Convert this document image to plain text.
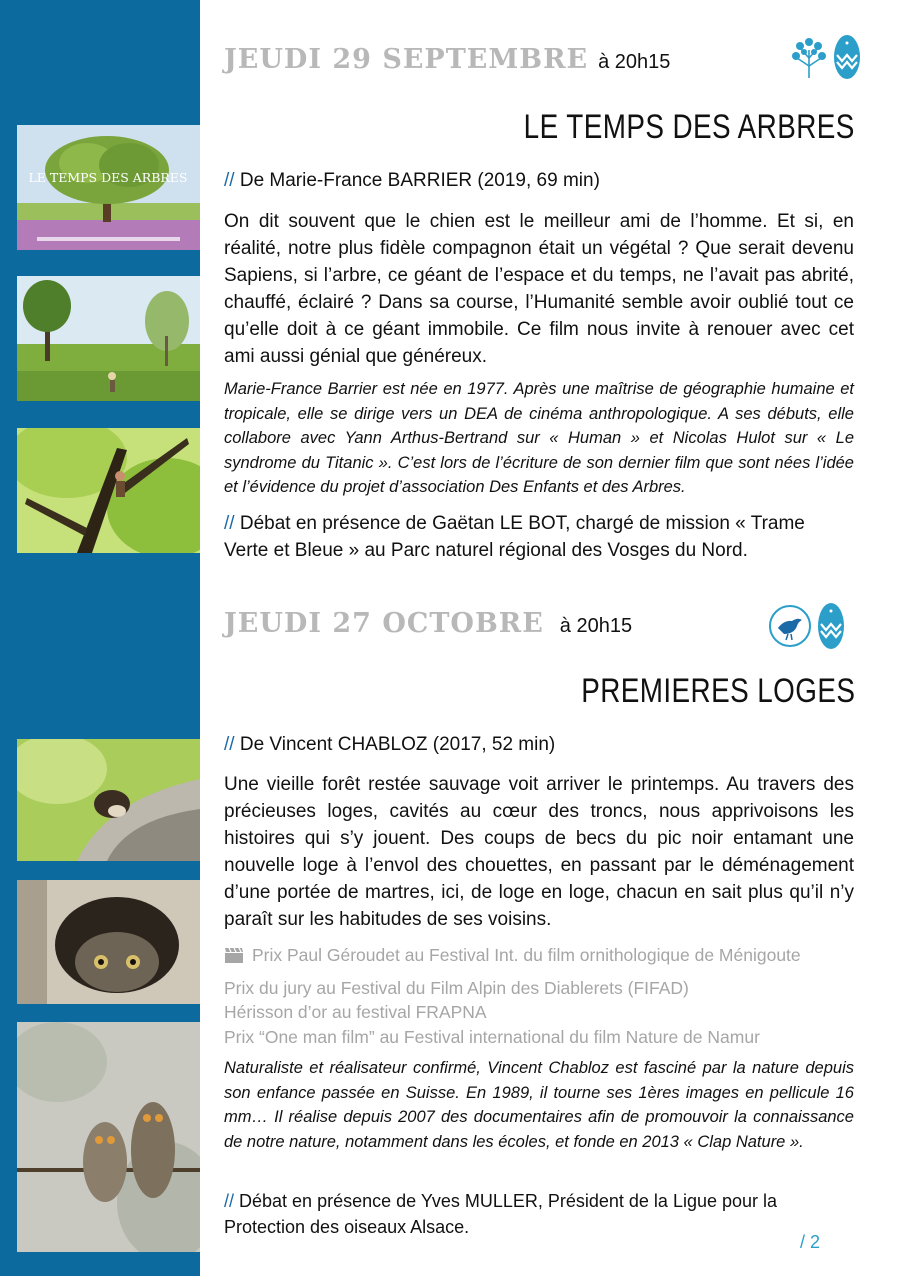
LE TEMPS DES ARBRES
JEUDI 29 SEPTEMBRE à 20h15
LE TEMPS DES ARBRES
// De Marie-France BARRIER (2019, 69 min)
On dit souvent que le chien est le meilleur ami de l’homme. Et si, en réalité, notre plus fidèle compagnon était un végétal ? Que serait devenu Sapiens, si l’arbre, ce géant de l’espace et du temps, ne l’avait pas abrité, chauffé, éclairé ? Dans sa course, l’Humanité semble avoir oublié tout ce qu’elle doit à ce géant immobile. Ce film nous invite à renouer avec cet ami aussi génial que généreux.
Marie-France Barrier est née en 1977. Après une maîtrise de géographie humaine et tropicale, elle se dirige vers un DEA de cinéma anthropologique. A ses débuts, elle collabore avec Yann Arthus-Bertrand sur « Human » et Nicolas Hulot sur « Le syndrome du Titanic ». C’est lors de l’écriture de son dernier film que sont nées l’idée et l’évidence du projet d’association Des Enfants et des Arbres.
// Débat en présence de Gaëtan LE BOT, chargé de mission « Trame Verte et Bleue » au Parc naturel régional des Vosges du Nord.
JEUDI 27 OCTOBRE à 20h15
PREMIERES LOGES
// De Vincent CHABLOZ (2017, 52 min)
Une vieille forêt restée sauvage voit arriver le printemps. Au travers des précieuses loges, cavités au cœur des troncs, nous apprivoisons les histoires qui s’y jouent. Des coups de becs du pic noir entamant une nouvelle loge à l’envol des chouettes, en passant par le déménagement d’une portée de martres, ici, de loge en loge, chacun en sait plus qu’il n’y paraît sur les habitudes de ses voisins.
Prix Paul Géroudet au Festival Int. du film ornithologique de Ménigoute
Prix du jury au Festival du Film Alpin des Diablerets (FIFAD)
Hérisson d’or au festival FRAPNA
Prix “One man film” au Festival international du film Nature de Namur
Naturaliste et réalisateur confirmé, Vincent Chabloz est fasciné par la nature depuis son enfance passée en Suisse. En 1989, il tourne ses 1ères images en pellicule 16 mm… Il réalise depuis 2007 des documentaires afin de promouvoir la connaissance de notre nature, notamment dans les écoles, et fonde en 2013 « Clap Nature ».
// Débat en présence de Yves MULLER, Président de la Ligue pour la Protection des oiseaux Alsace.
/ 2
